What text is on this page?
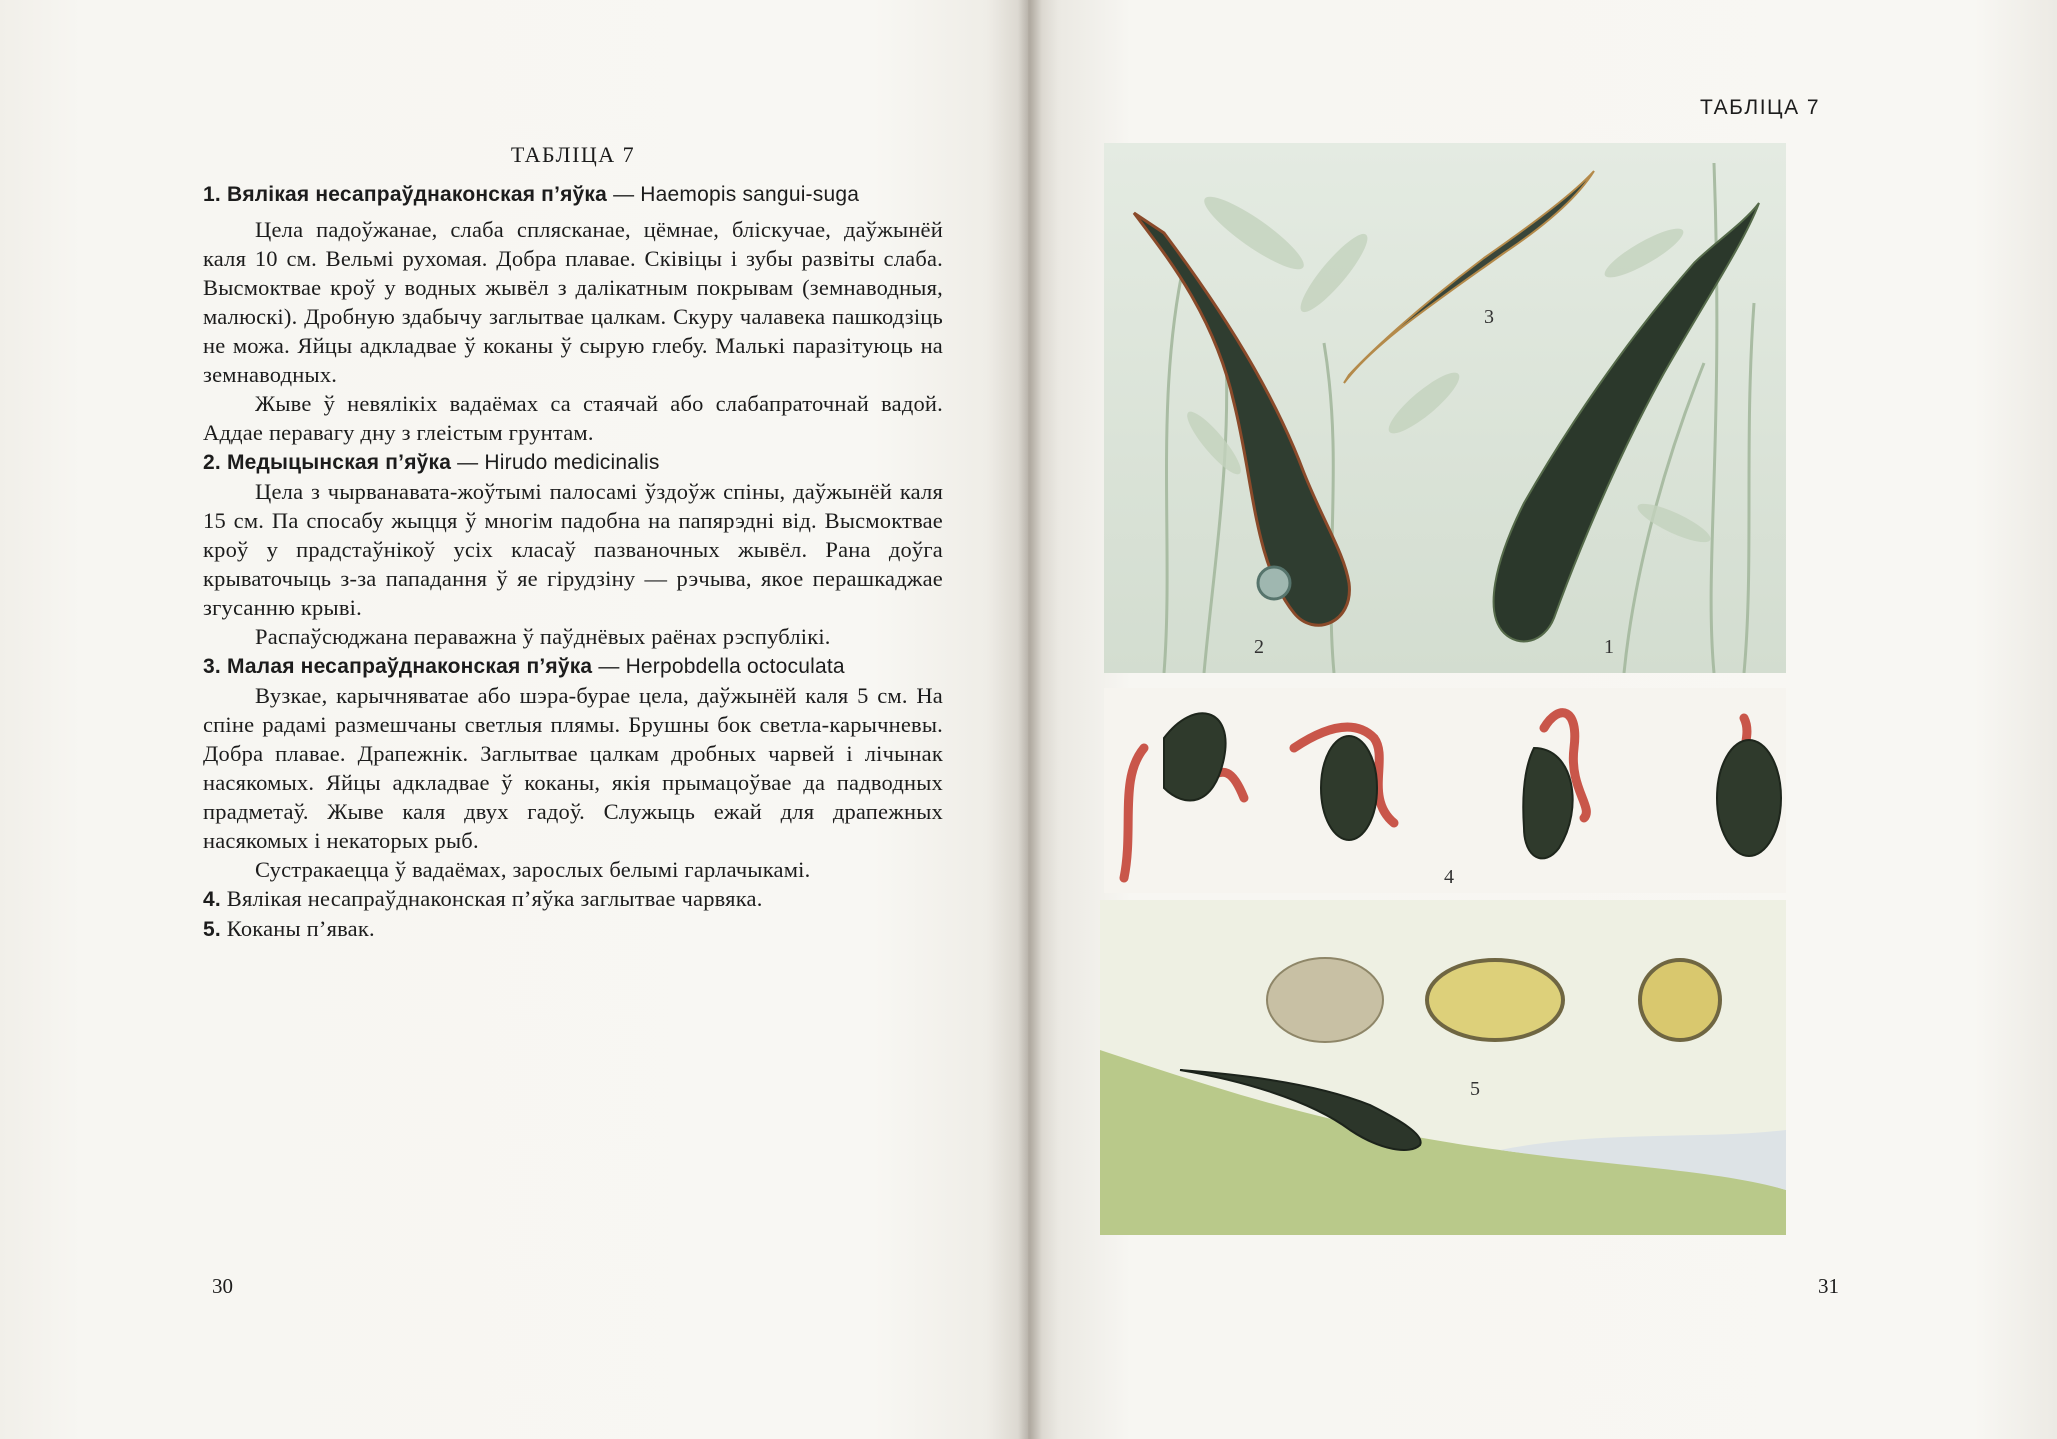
ТАБЛІЦА 7

1. Вялікая несапраўднаконская п’яўка — Haemopis sangui-suga

Цела падоўжанае, слаба сплясканае, цёмнае, бліскучае, даўжынёй каля 10 см. Вельмі рухомая. Добра плавае. Сківіцы і зубы развіты слаба. Высмоктвае кроў у водных жывёл з далікатным покрывам (земнаводныя, малюскі). Дробную здабычу заглытвае цалкам. Скуру чалавека пашкодзіць не можа. Яйцы адкладвае ў коканы ў сырую глебу. Малькі паразітуюць на земнаводных.

Жыве ў невялікіх вадаёмах са стаячай або слабапраточнай вадой. Аддае перавагу дну з глеістым грунтам.

2. Медыцынская п’яўка — Hirudo medicinalis

Цела з чырванавата-жоўтымі палосамі ўздоўж спіны, даўжынёй каля 15 см. Па спосабу жыцця ў многім падобна на папярэдні від. Высмоктвае кроў у прадстаўнікоў усіх класаў пазваночных жывёл. Рана доўга крываточыць з-за пападання ў яе гірудзіну — рэчыва, якое перашкаджае згусанню крыві.

Распаўсюджана пераважна ў паўднёвых раёнах рэспублікі.

3. Малая несапраўднаконская п’яўка — Herpobdella octoculata

Вузкае, карычняватае або шэра-бурае цела, даўжынёй каля 5 см. На спіне радамі размешчаны светлыя плямы. Брушны бок светла-карычневы. Добра плавае. Драпежнік. Заглытвае цалкам дробных чарвей і лічынак насякомых. Яйцы адкладвае ў коканы, якія прымацоўвае да падводных прадметаў. Жыве каля двух гадоў. Служыць ежай для драпежных насякомых і некаторых рыб.

Сустракаецца ў вадаёмах, зарослых белымі гарлачыкамі.

4. Вялікая несапраўднаконская п’яўка заглытвае чарвяка.

5. Коканы п’явак.

30
ТАБЛІЦА 7
3
2	1
4
5
31
